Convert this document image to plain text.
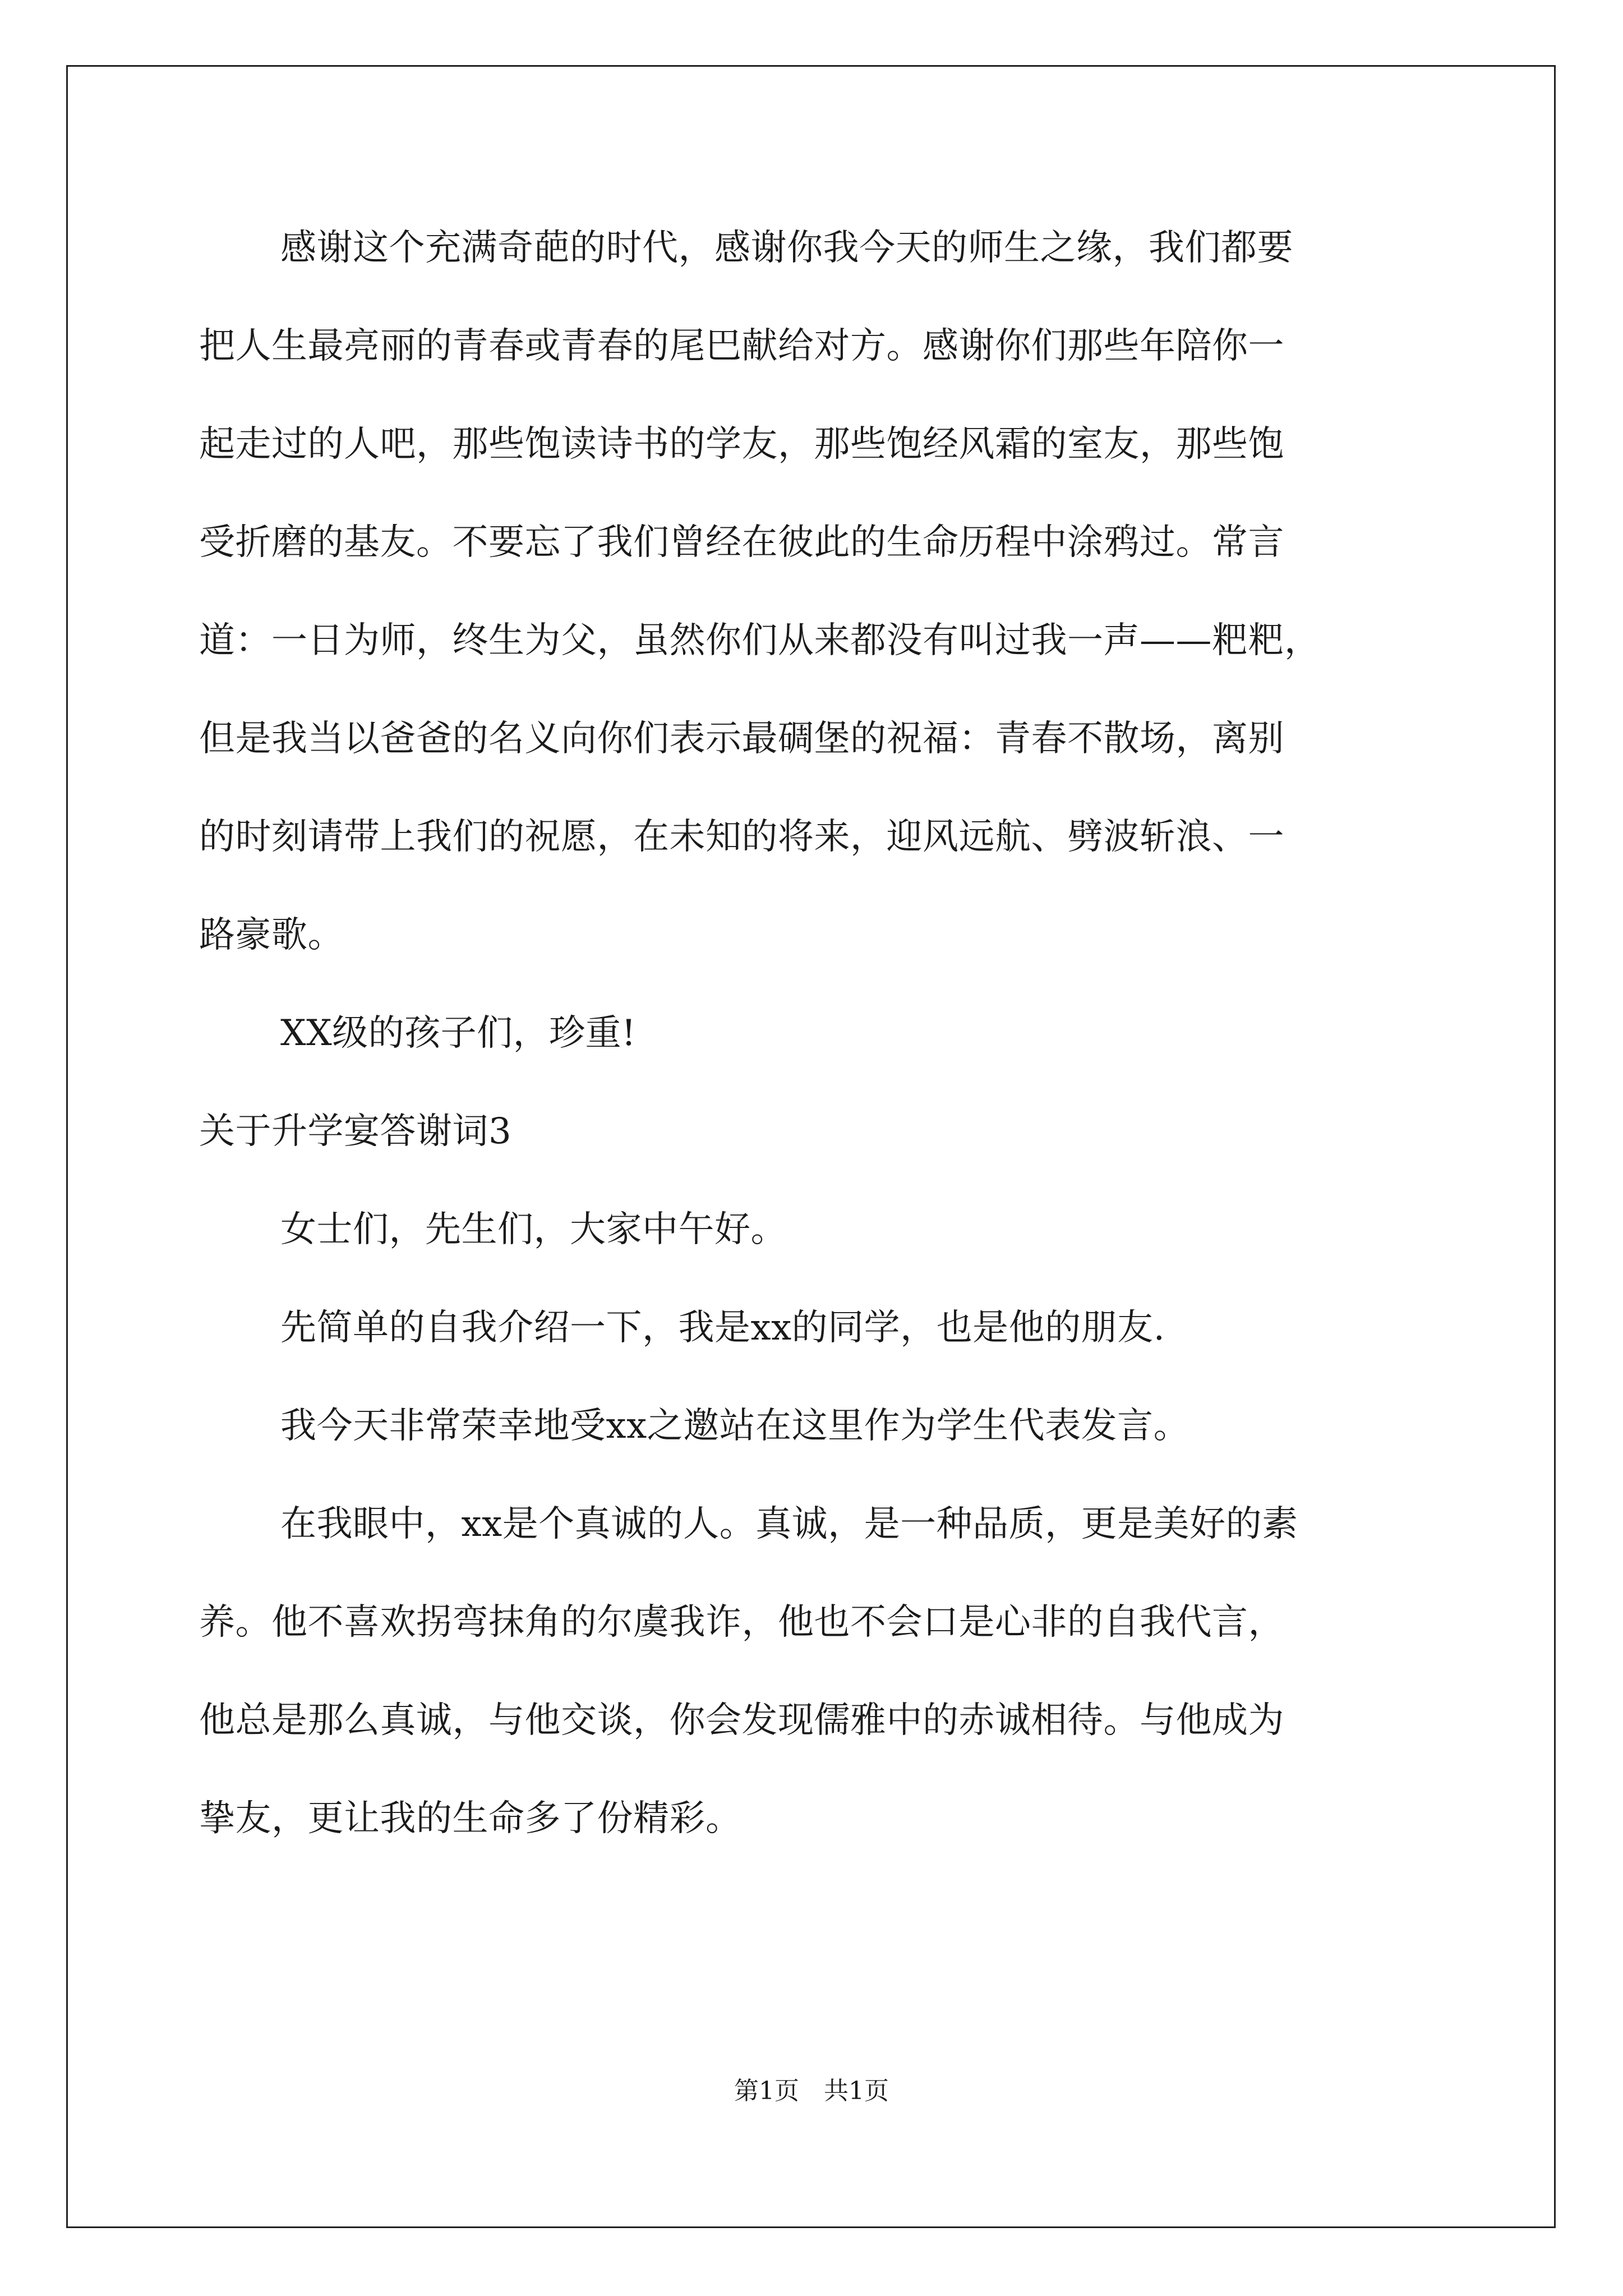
感谢这个充满奇葩的时代，感谢你我今天的师生之缘，我们都要
把人生最亮丽的青春或青春的尾巴献给对方。感谢你们那些年陪你一
起走过的人吧，那些饱读诗书的学友，那些饱经风霜的室友，那些饱
受折磨的基友。不要忘了我们曾经在彼此的生命历程中涂鸦过。常言
道：一日为师，终生为父，虽然你们从来都没有叫过我一声——粑粑，
但是我当以爸爸的名义向你们表示最碉堡的祝福：青春不散场，离别
的时刻请带上我们的祝愿，在未知的将来，迎风远航、劈波斩浪、一
路豪歌。
XX级的孩子们，珍重!
关于升学宴答谢词3
女士们，先生们，大家中午好。
先简单的自我介绍一下，我是xx的同学，也是他的朋友.
我今天非常荣幸地受xx之邀站在这里作为学生代表发言。
在我眼中，xx是个真诚的人。真诚，是一种品质，更是美好的素
养。他不喜欢拐弯抹角的尔虞我诈，他也不会口是心非的自我代言，
他总是那么真诚，与他交谈，你会发现儒雅中的赤诚相待。与他成为
挚友，更让我的生命多了份精彩。
第1页 共1页
